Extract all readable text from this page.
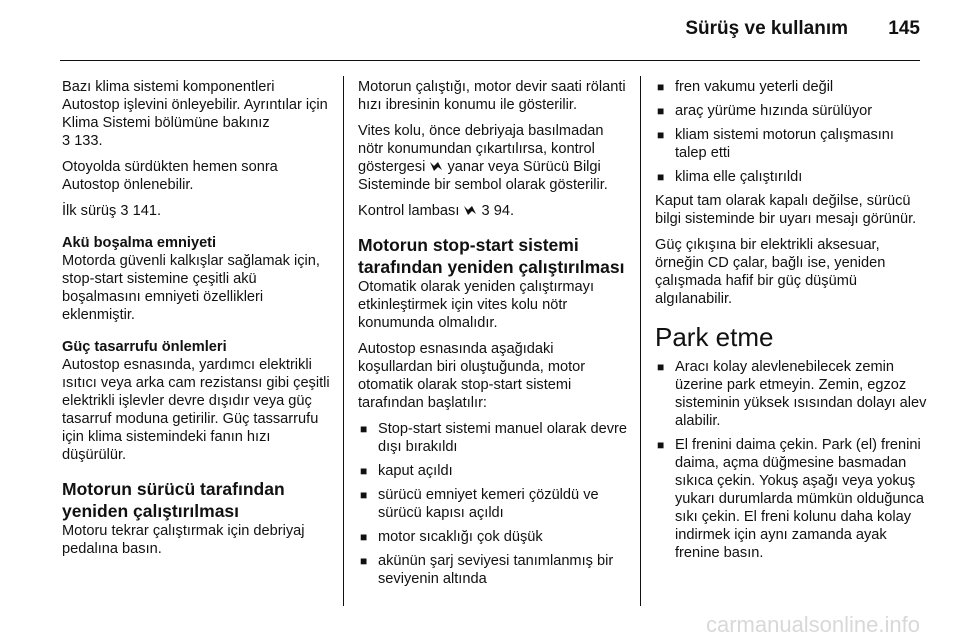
Sürüş ve kullanım 145

Bazı klima sistemi komponentleri Autostop işlevini önleyebilir. Ayrıntılar için Klima Sistemi bölümüne bakınız
3 133.

Otoyolda sürdükten hemen sonra Autostop önlenebilir.

İlk sürüş 3 141.

Akü boşalma emniyeti

Motorda güvenli kalkışlar sağlamak için, stop-start sistemine çeşitli akü boşalmasını emniyeti özellikleri eklenmiştir.

Güç tasarrufu önlemleri

Autostop esnasında, yardımcı elektrikli ısıtıcı veya arka cam rezistansı gibi çeşitli elektrikli işlevler devre dışıdır veya güç tasarruf moduna getirilir. Güç tassarrufu için klima sistemindeki fanın hızı düşürülür.

Motorun sürücü tarafından yeniden çalıştırılması

Motoru tekrar çalıştırmak için debriyaj pedalına basın.

Motorun çalıştığı, motor devir saati rölanti hızı ibresinin konumu ile gösterilir.

Vites kolu, önce debriyaja basılmadan nötr konumundan çıkartılırsa, kontrol göstergesi yanar veya Sürücü Bilgi Sisteminde bir sembol olarak gösterilir.

Kontrol lambası 3 94.

Motorun stop-start sistemi tarafından yeniden çalıştırılması

Otomatik olarak yeniden çalıştırmayı etkinleştirmek için vites kolu nötr konumunda olmalıdır.

Autostop esnasında aşağıdaki koşullardan biri oluştuğunda, motor otomatik olarak stop-start sistemi tarafından başlatılır:

■ Stop-start sistemi manuel olarak devre dışı bırakıldı
■ kaput açıldı
■ sürücü emniyet kemeri çözüldü ve sürücü kapısı açıldı
■ motor sıcaklığı çok düşük
■ akünün şarj seviyesi tanımlanmış bir seviyenin altında
■ fren vakumu yeterli değil
■ araç yürüme hızında sürülüyor
■ kliam sistemi motorun çalışmasını talep etti
■ klima elle çalıştırıldı

Kaput tam olarak kapalı değilse, sürücü bilgi sisteminde bir uyarı mesajı görünür.

Güç çıkışına bir elektrikli aksesuar, örneğin CD çalar, bağlı ise, yeniden çalışmada hafif bir güç düşümü algılanabilir.

Park etme

■ Aracı kolay alevlenebilecek zemin üzerine park etmeyin. Zemin, egzoz sisteminin yüksek ısısından dolayı alev alabilir.
■ El frenini daima çekin. Park (el) frenini daima, açma düğmesine basmadan sıkıca çekin. Yokuş aşağı veya yokuş yukarı durumlarda mümkün olduğunca sıkı çekin. El freni kolunu daha kolay indirmek için aynı zamanda ayak frenine basın.
carmanualsonline.info
